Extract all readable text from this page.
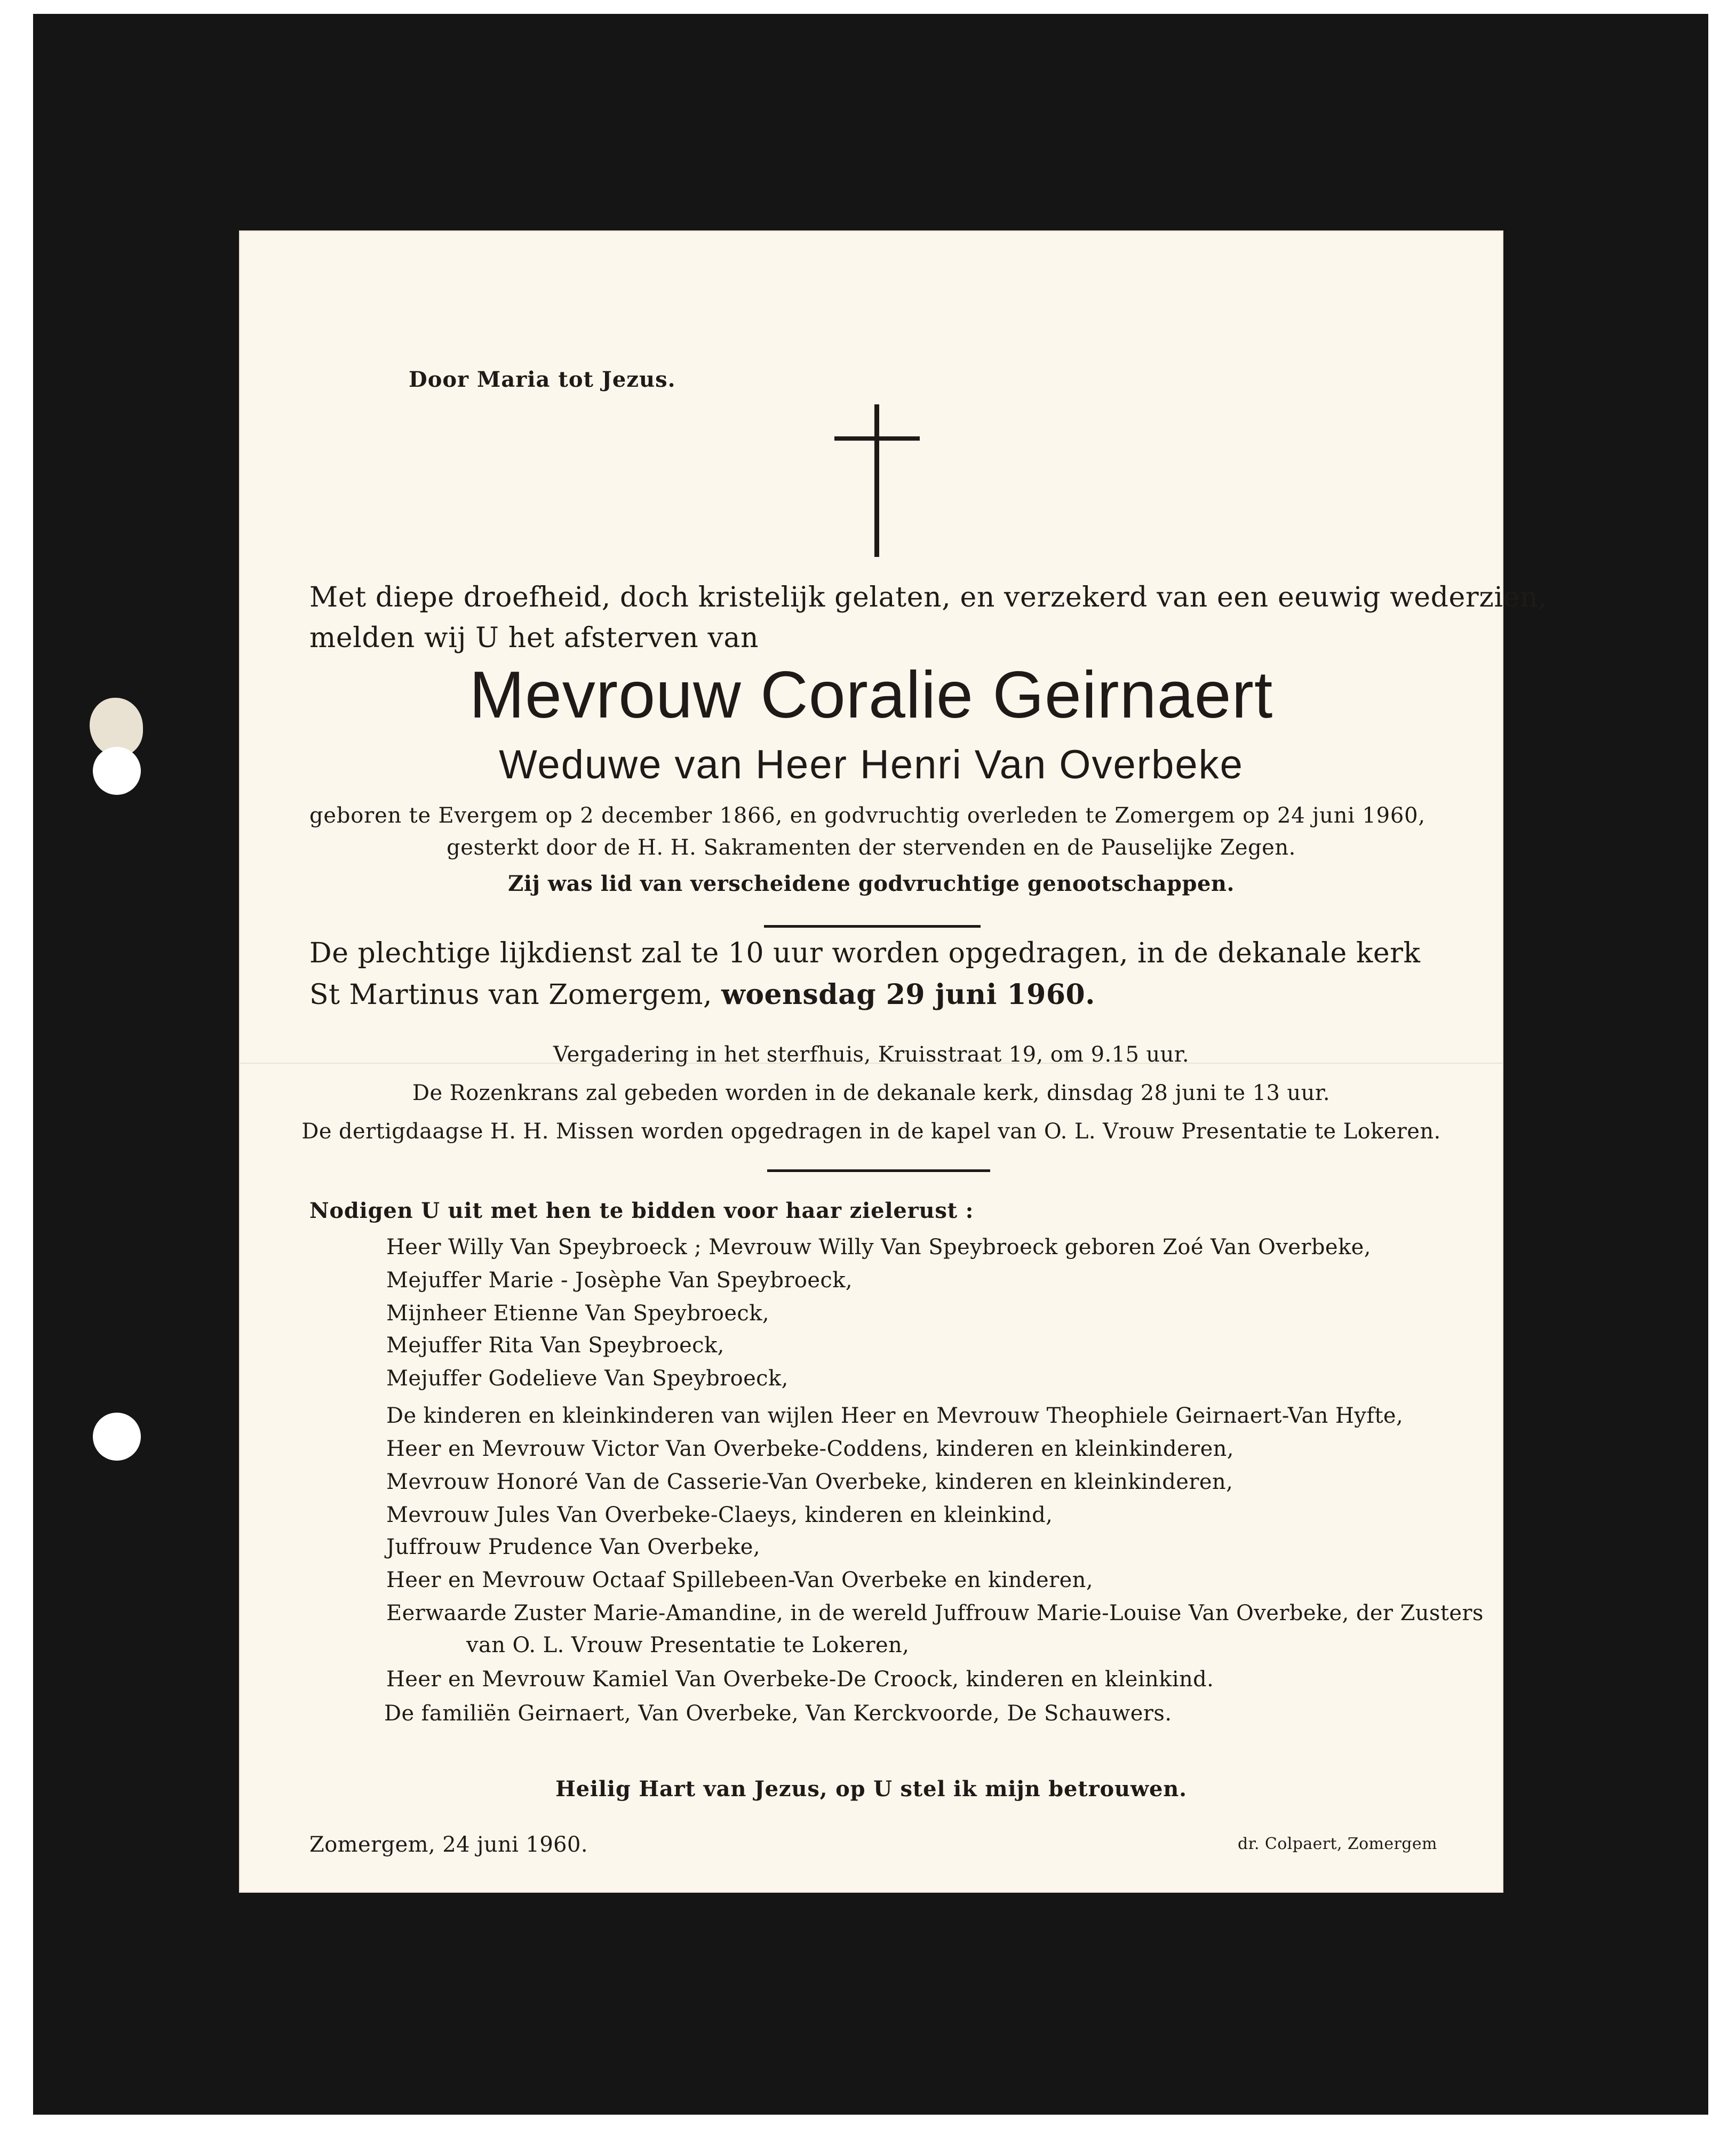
Door Maria tot Jezus.

Met diepe droefheid, doch kristelijk gelaten, en verzekerd van een eeuwig wederzien,
melden wij U het afsterven van

Mevrouw Coralie Geirnaert

Weduwe van Heer Henri Van Overbeke

geboren te Evergem op 2 december 1866, en godvruchtig overleden te Zomergem op 24 juni 1960,

gesterkt door de H. H. Sakramenten der stervenden en de Pauselijke Zegen.

Zij was lid van verscheidene godvruchtige genootschappen.

De plechtige lijkdienst zal te 10 uur worden opgedragen, in de dekanale kerk
St Martinus van Zomergem, woensdag 29 juni 1960.

Vergadering in het sterfhuis, Kruisstraat 19, om 9.15 uur.

De Rozenkrans zal gebeden worden in de dekanale kerk, dinsdag 28 juni te 13 uur.

De dertigdaagse H. H. Missen worden opgedragen in de kapel van O. L. Vrouw Presentatie te Lokeren.

Nodigen U uit met hen te bidden voor haar zielerust :

Heer Willy Van Speybroeck ; Mevrouw Willy Van Speybroeck geboren Zoé Van Overbeke,
Mejuffer Marie - Josèphe Van Speybroeck,
Mijnheer Etienne Van Speybroeck,
Mejuffer Rita Van Speybroeck,
Mejuffer Godelieve Van Speybroeck,
De kinderen en kleinkinderen van wijlen Heer en Mevrouw Theophiele Geirnaert-Van Hyfte,
Heer en Mevrouw Victor Van Overbeke-Coddens, kinderen en kleinkinderen,
Mevrouw Honoré Van de Casserie-Van Overbeke, kinderen en kleinkinderen,
Mevrouw Jules Van Overbeke-Claeys, kinderen en kleinkind,
Juffrouw Prudence Van Overbeke,
Heer en Mevrouw Octaaf Spillebeen-Van Overbeke en kinderen,
Eerwaarde Zuster Marie-Amandine, in de wereld Juffrouw Marie-Louise Van Overbeke, der Zusters
van O. L. Vrouw Presentatie te Lokeren,
Heer en Mevrouw Kamiel Van Overbeke-De Croock, kinderen en kleinkind.
De familiën Geirnaert, Van Overbeke, Van Kerckvoorde, De Schauwers.

Heilig Hart van Jezus, op U stel ik mijn betrouwen.

Zomergem, 24 juni 1960.	dr. Colpaert, Zomergem
